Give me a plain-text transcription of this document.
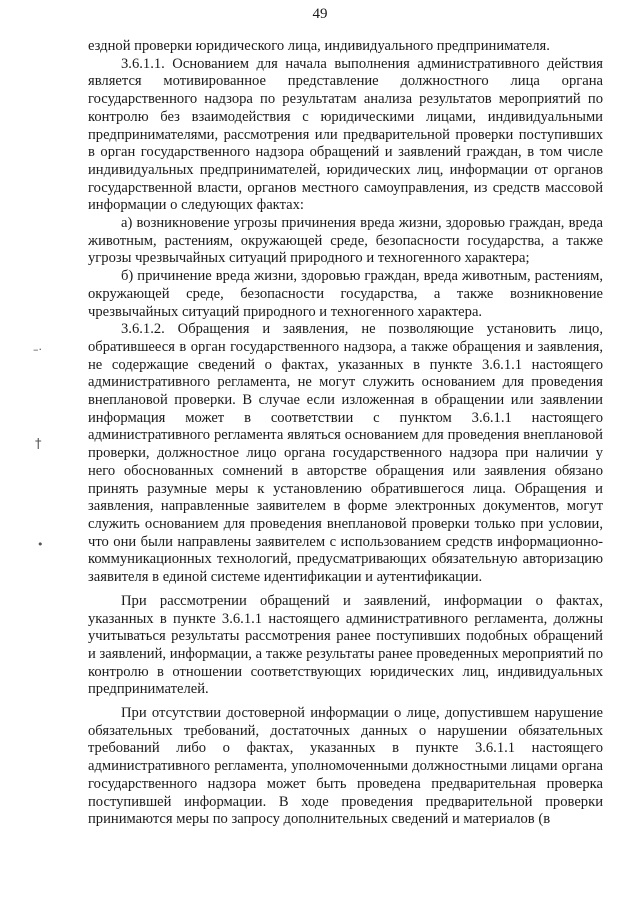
49
–·
†
•

ездной проверки юридического лица, индивидуального предпринимателя.

3.6.1.1. Основанием для начала выполнения административного действия является мотивированное представление должностного лица органа государственного надзора по результатам анализа результатов мероприятий по контролю без взаимодействия с юридическими лицами, индивидуальными предпринимателями, рассмотрения или предварительной проверки поступивших в орган государственного надзора обращений и заявлений граждан, в том числе индивидуальных предпринимателей, юридических лиц, информации от органов государственной власти, органов местного самоуправления, из средств массовой информации о следующих фактах:

а) возникновение угрозы причинения вреда жизни, здоровью граждан, вреда животным, растениям, окружающей среде, безопасности государства, а также угрозы чрезвычайных ситуаций природного и техногенного характера;

б) причинение вреда жизни, здоровью граждан, вреда животным, растениям, окружающей среде, безопасности государства, а также возникновение чрезвычайных ситуаций природного и техногенного характера.

3.6.1.2. Обращения и заявления, не позволяющие установить лицо, обратившееся в орган государственного надзора, а также обращения и заявления, не содержащие сведений о фактах, указанных в пункте 3.6.1.1 настоящего административного регламента, не могут служить основанием для проведения внеплановой проверки. В случае если изложенная в обращении или заявлении информация может в соответствии с пунктом 3.6.1.1 настоящего административного регламента являться основанием для проведения внеплановой проверки, должностное лицо органа государственного надзора при наличии у него обоснованных сомнений в авторстве обращения или заявления обязано принять разумные меры к установлению обратившегося лица. Обращения и заявления, направленные заявителем в форме электронных документов, могут служить основанием для проведения внеплановой проверки только при условии, что они были направлены заявителем с использованием средств информационно-коммуникационных технологий, предусматривающих обязательную авторизацию заявителя в единой системе идентификации и аутентификации.

При рассмотрении обращений и заявлений, информации о фактах, указанных в пункте 3.6.1.1 настоящего административного регламента, должны учитываться результаты рассмотрения ранее поступивших подобных обращений и заявлений, информации, а также результаты ранее проведенных мероприятий по контролю в отношении соответствующих юридических лиц, индивидуальных предпринимателей.

При отсутствии достоверной информации о лице, допустившем нарушение обязательных требований, достаточных данных о нарушении обязательных требований либо о фактах, указанных в пункте 3.6.1.1 настоящего административного регламента, уполномоченными должностными лицами органа государственного надзора может быть проведена предварительная проверка поступившей информации. В ходе проведения предварительной проверки принимаются меры по запросу дополнительных сведений и материалов (в
